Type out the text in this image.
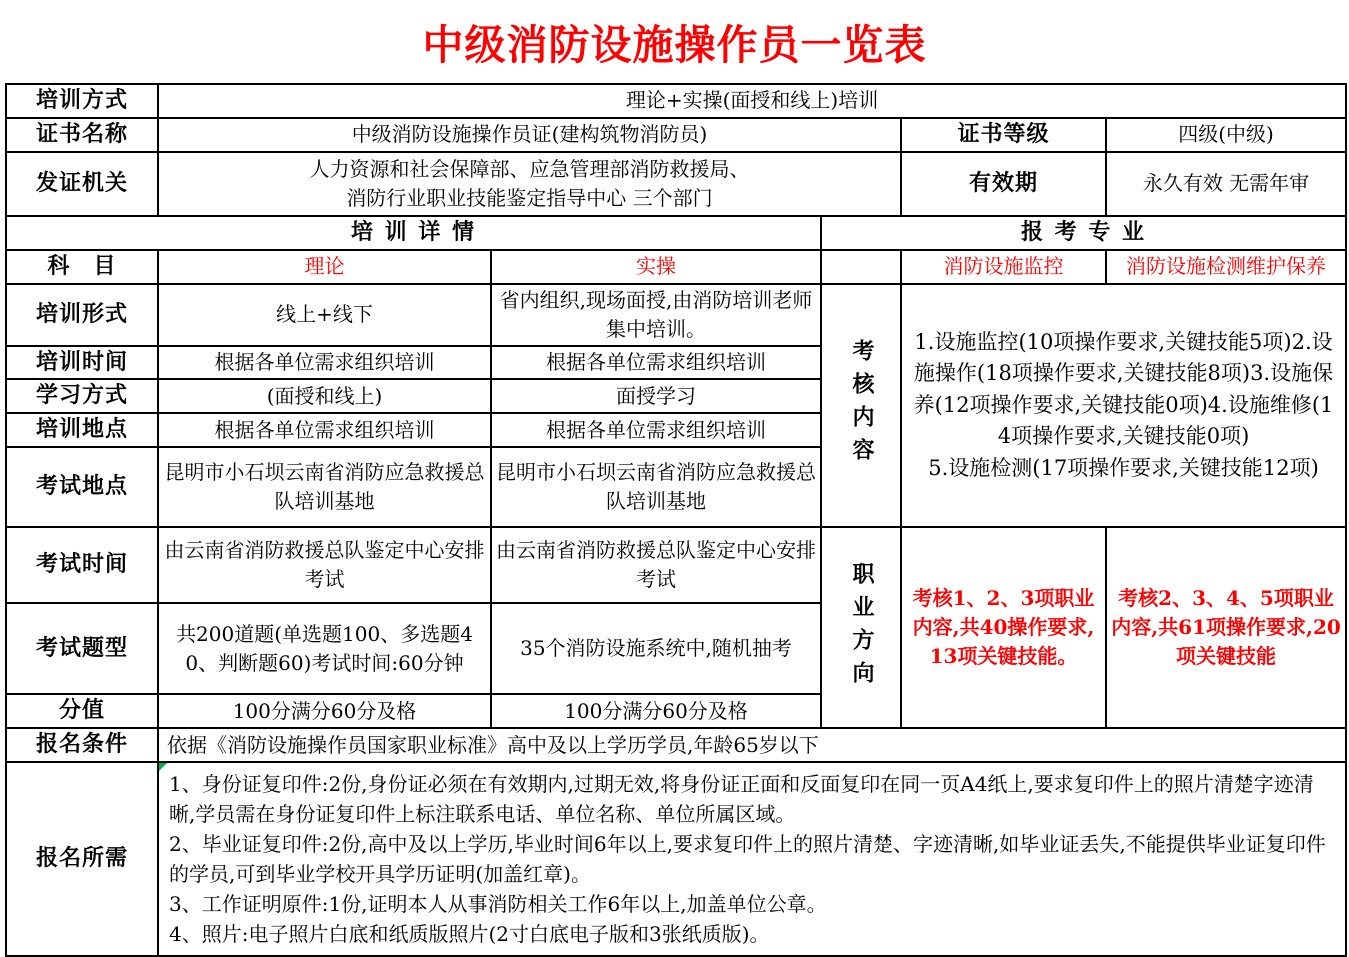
中级消防设施操作员一览表
培训方式	理论+实操(面授和线上)培训				
证书名称	中级消防设施操作员证(建构筑物消防员)			证书等级	四级(中级)
发证机关	人力资源和社会保障部、应急管理部消防救援局、
消防行业职业技能鉴定指导中心 三个部门			有效期	永久有效 无需年审
培 训 详 情			报 考 专 业		
科　目	理论	实操		消防设施监控	消防设施检测维护保养
培训形式	线上+线下	省内组织,现场面授,由消防培训老师集中培训。	考核内容	1.设施监控(10项操作要求,关键技能5项)2.设施操作(18项操作要求,关键技能8项)3.设施保养(12项操作要求,关键技能0项)4.设施维修(14项操作要求,关键技能0项)
5.设施检测(17项操作要求,关键技能12项)	

培训时间	根据各单位需求组织培训	根据各单位需求组织培训			
学习方式	(面授和线上)	面授学习			
培训地点	根据各单位需求组织培训	根据各单位需求组织培训			
考试地点	昆明市小石坝云南省消防应急救援总队培训基地	昆明市小石坝云南省消防应急救援总队培训基地			
考试时间	由云南省消防救援总队鉴定中心安排考试	由云南省消防救援总队鉴定中心安排考试	职业方向	考核1、2、3项职业内容,共40操作要求,13项关键技能。	考核2、3、4、5项职业内容,共61项操作要求,20项关键技能
考试题型	共200道题(单选题100、多选题40、判断题60)考试时间:60分钟	35个消防设施系统中,随机抽考			
分值	100分满分60分及格	100分满分60分及格			
报名条件	依据《消防设施操作员国家职业标准》高中及以上学历学员,年龄65岁以下				
报名所需	1、身份证复印件:2份,身份证必须在有效期内,过期无效,将身份证正面和反面复印在同一页A4纸上,要求复印件上的照片清楚字迹清晰,学员需在身份证复印件上标注联系电话、单位名称、单位所属区域。
2、毕业证复印件:2份,高中及以上学历,毕业时间6年以上,要求复印件上的照片清楚、字迹清晰,如毕业证丢失,不能提供毕业证复印件的学员,可到毕业学校开具学历证明(加盖红章)。
3、工作证明原件:1份,证明本人从事消防相关工作6年以上,加盖单位公章。
4、照片:电子照片白底和纸质版照片(2寸白底电子版和3张纸质版)。				
